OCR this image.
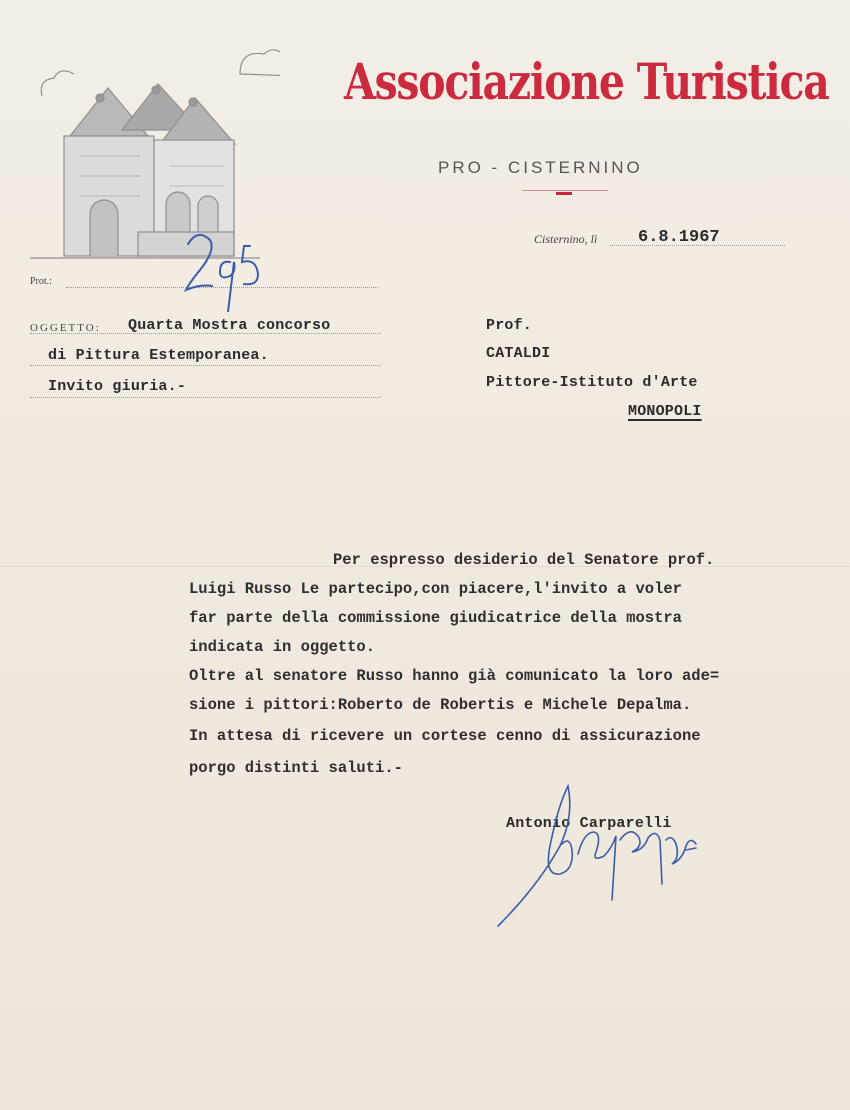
Associazione Turistica
PRO - CISTERNINO
Cisternino, lì 6.8.1967
Prot.:
OGGETTO: Quarta Mostra concorso
di Pittura Estemporanea.
Invito giuria.-
Prof.
CATALDI
Pittore-Istituto d'Arte
MONOPOLI
Per espresso desiderio del Senatore prof.
Luigi Russo Le partecipo,con piacere,l'invito a voler
far parte della commissione giudicatrice della mostra
indicata in oggetto.
Oltre al senatore Russo hanno già comunicato la loro ade=
sione i pittori:Roberto de Robertis e Michele Depalma.
In attesa di ricevere un cortese cenno di assicurazione
porgo distinti saluti.-
Antonio Carparelli
